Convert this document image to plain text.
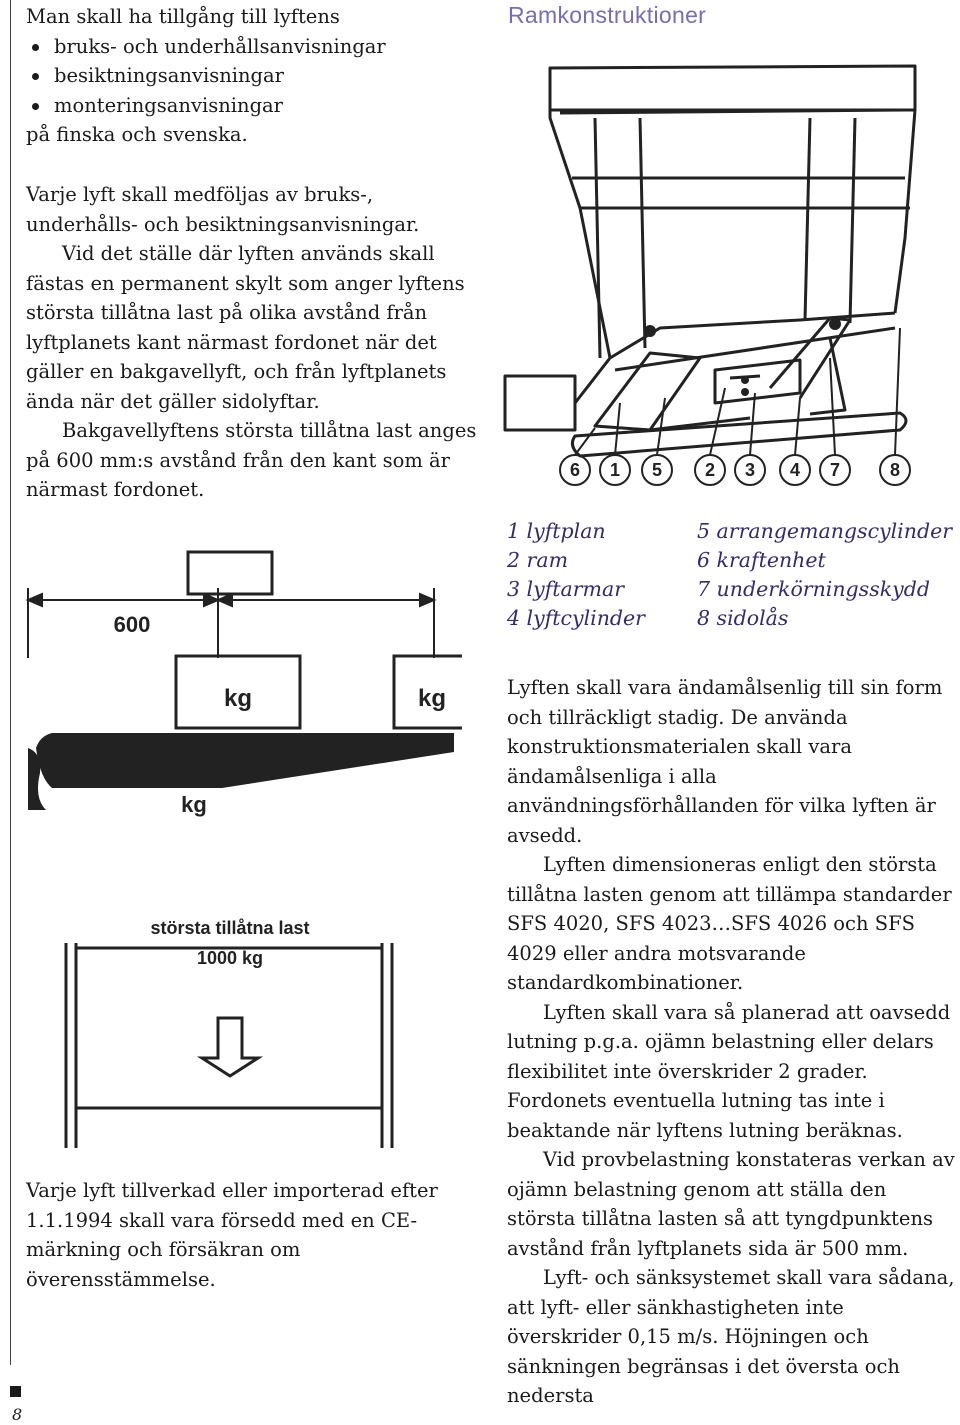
Man skall ha tillgång till lyftens

bruks- och underhållsanvisningar
besiktningsanvisningar
monteringsanvisningar

på finska och svenska.

Varje lyft skall medföljas av bruks-, underhålls- och besiktningsanvisningar.

Vid det ställe där lyften används skall fästas en permanent skylt som anger lyftens största tillåtna last på olika avstånd från lyftplanets kant närmast fordonet när det gäller en bakgavellyft, och från lyftplanets ända när det gäller sidolyftar.

Bakgavellyftens största tillåtna last anges på 600 mm:s avstånd från den kant som är närmast fordonet.

Ramkonstruktioner
6 1 5 2 3 4 7	8
1 lyftplan
2 ram
3 lyftarmar
4 lyftcylinder
5 arrangemangscylinder
6 kraftenhet
7 underkörningsskydd
8 sidolås
600
kg	kg
STL (SWL)
kg
största tillåtna last
1000 kg
Varje lyft tillverkad eller importerad efter 1.1.1994 skall vara försedd med en CE-märkning och försäkran om överensstämmelse.

Lyften skall vara ändamålsenlig till sin form och tillräckligt stadig. De använda konstruktionsmaterialen skall vara ändamålsenliga i alla användningsförhållanden för vilka lyften är avsedd.

Lyften dimensioneras enligt den största tillåtna lasten genom att tillämpa standarder SFS 4020, SFS 4023…SFS 4026 och SFS 4029 eller andra motsvarande standardkombinationer.

Lyften skall vara så planerad att oavsedd lutning p.g.a. ojämn belastning eller delars flexibilitet inte överskrider 2 grader. Fordonets eventuella lutning tas inte i beaktande när lyftens lutning beräknas.

Vid provbelastning konstateras verkan av ojämn belastning genom att ställa den största tillåtna lasten så att tyngdpunktens avstånd från lyftplanets sida är 500 mm.

Lyft- och sänksystemet skall vara sådana, att lyft- eller sänkhastigheten inte överskrider 0,15 m/s. Höjningen och sänkningen begränsas i det översta och nedersta

8
